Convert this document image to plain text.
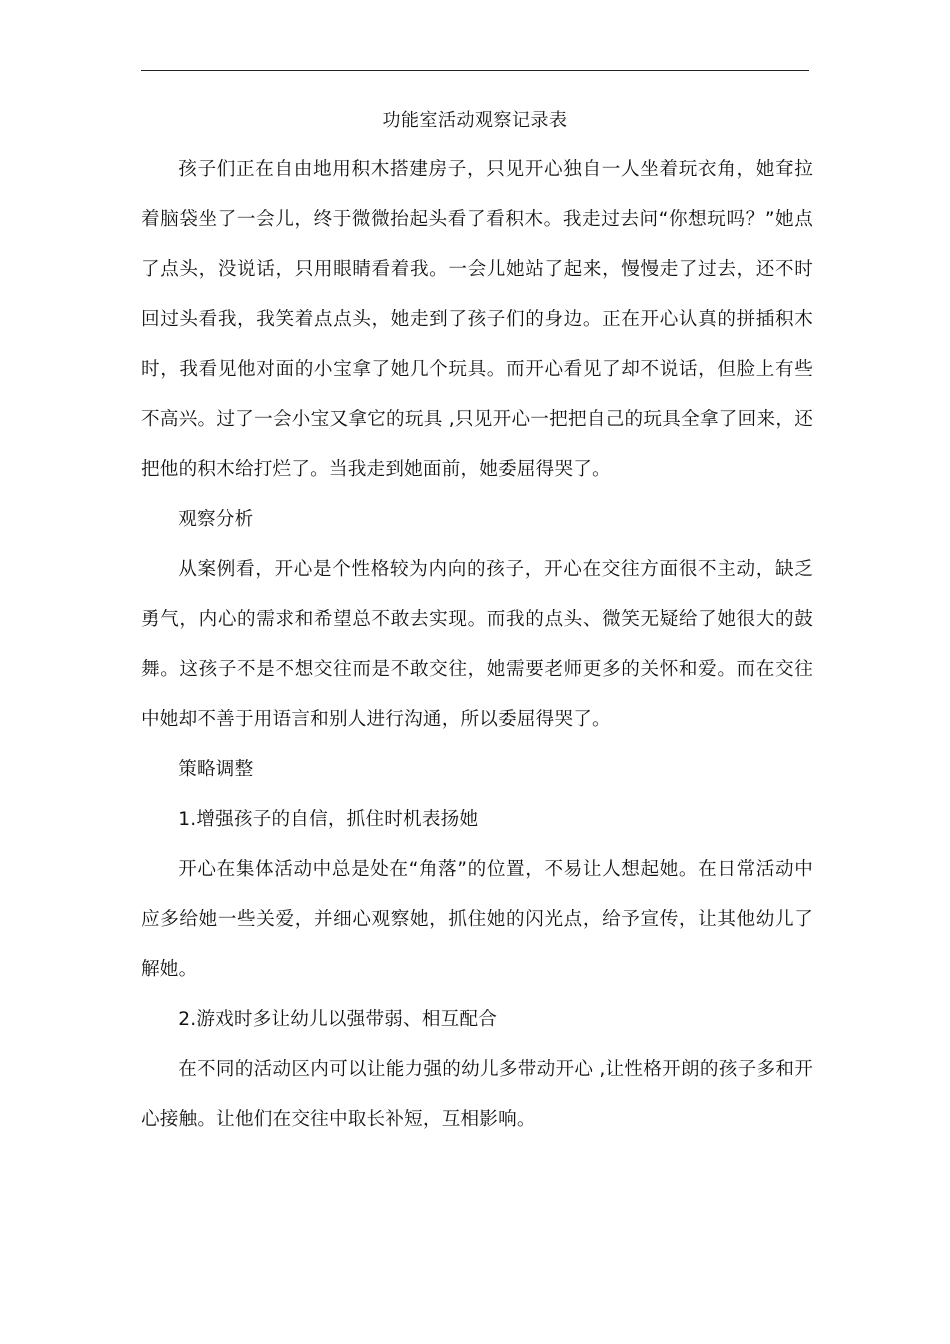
功能室活动观察记录表

孩子们正在自由地用积木搭建房子，只见开心独自一人坐着玩衣角，她耷拉着脑袋坐了一会儿，终于微微抬起头看了看积木。我走过去问“你想玩吗？”她点了点头，没说话，只用眼睛看着我。一会儿她站了起来，慢慢走了过去，还不时回过头看我，我笑着点点头，她走到了孩子们的身边。正在开心认真的拼插积木时，我看见他对面的小宝拿了她几个玩具。而开心看见了却不说话，但脸上有些不高兴。过了一会小宝又拿它的玩具 ,只见开心一把把自己的玩具全拿了回来，还把他的积木给打烂了。当我走到她面前，她委屈得哭了。

观察分析

从案例看，开心是个性格较为内向的孩子，开心在交往方面很不主动，缺乏勇气，内心的需求和希望总不敢去实现。而我的点头、微笑无疑给了她很大的鼓舞。这孩子不是不想交往而是不敢交往，她需要老师更多的关怀和爱。而在交往中她却不善于用语言和别人进行沟通，所以委屈得哭了。

策略调整

1.增强孩子的自信，抓住时机表扬她

开心在集体活动中总是处在“角落”的位置，不易让人想起她。在日常活动中应多给她一些关爱，并细心观察她，抓住她的闪光点，给予宣传，让其他幼儿了解她。

2.游戏时多让幼儿以强带弱、相互配合

在不同的活动区内可以让能力强的幼儿多带动开心 ,让性格开朗的孩子多和开心接触。让他们在交往中取长补短，互相影响。
